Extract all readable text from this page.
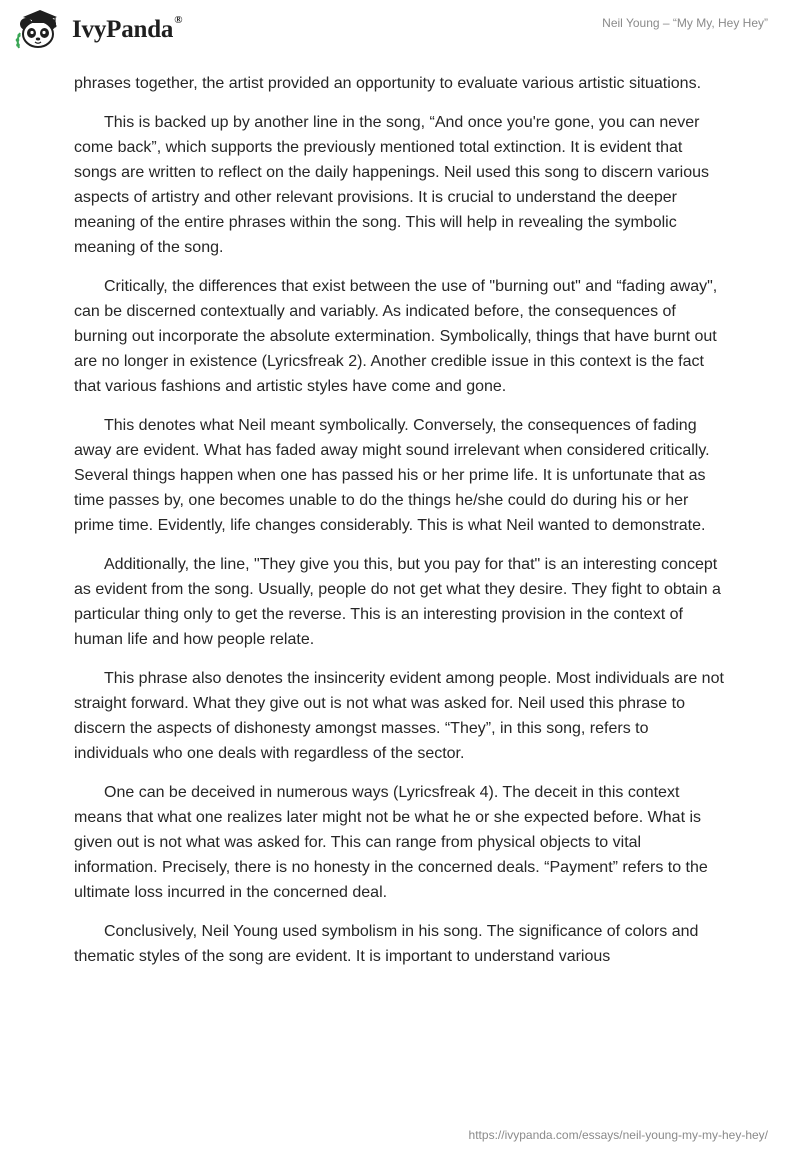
IvyPanda®	Neil Young – “My My, Hey Hey”

phrases together, the artist provided an opportunity to evaluate various artistic situations.

This is backed up by another line in the song, “And once you're gone, you can never come back”, which supports the previously mentioned total extinction. It is evident that songs are written to reflect on the daily happenings. Neil used this song to discern various aspects of artistry and other relevant provisions. It is crucial to understand the deeper meaning of the entire phrases within the song. This will help in revealing the symbolic meaning of the song.

Critically, the differences that exist between the use of "burning out" and “fading away", can be discerned contextually and variably. As indicated before, the consequences of burning out incorporate the absolute extermination. Symbolically, things that have burnt out are no longer in existence (Lyricsfreak 2). Another credible issue in this context is the fact that various fashions and artistic styles have come and gone.

This denotes what Neil meant symbolically. Conversely, the consequences of fading away are evident. What has faded away might sound irrelevant when considered critically. Several things happen when one has passed his or her prime life. It is unfortunate that as time passes by, one becomes unable to do the things he/she could do during his or her prime time. Evidently, life changes considerably. This is what Neil wanted to demonstrate.

Additionally, the line, "They give you this, but you pay for that" is an interesting concept as evident from the song. Usually, people do not get what they desire. They fight to obtain a particular thing only to get the reverse. This is an interesting provision in the context of human life and how people relate.

This phrase also denotes the insincerity evident among people. Most individuals are not straight forward. What they give out is not what was asked for. Neil used this phrase to discern the aspects of dishonesty amongst masses. “They”, in this song, refers to individuals who one deals with regardless of the sector.

One can be deceived in numerous ways (Lyricsfreak 4). The deceit in this context means that what one realizes later might not be what he or she expected before. What is given out is not what was asked for. This can range from physical objects to vital information. Precisely, there is no honesty in the concerned deals. “Payment” refers to the ultimate loss incurred in the concerned deal.

Conclusively, Neil Young used symbolism in his song. The significance of colors and thematic styles of the song are evident. It is important to understand various

https://ivypanda.com/essays/neil-young-my-my-hey-hey/
